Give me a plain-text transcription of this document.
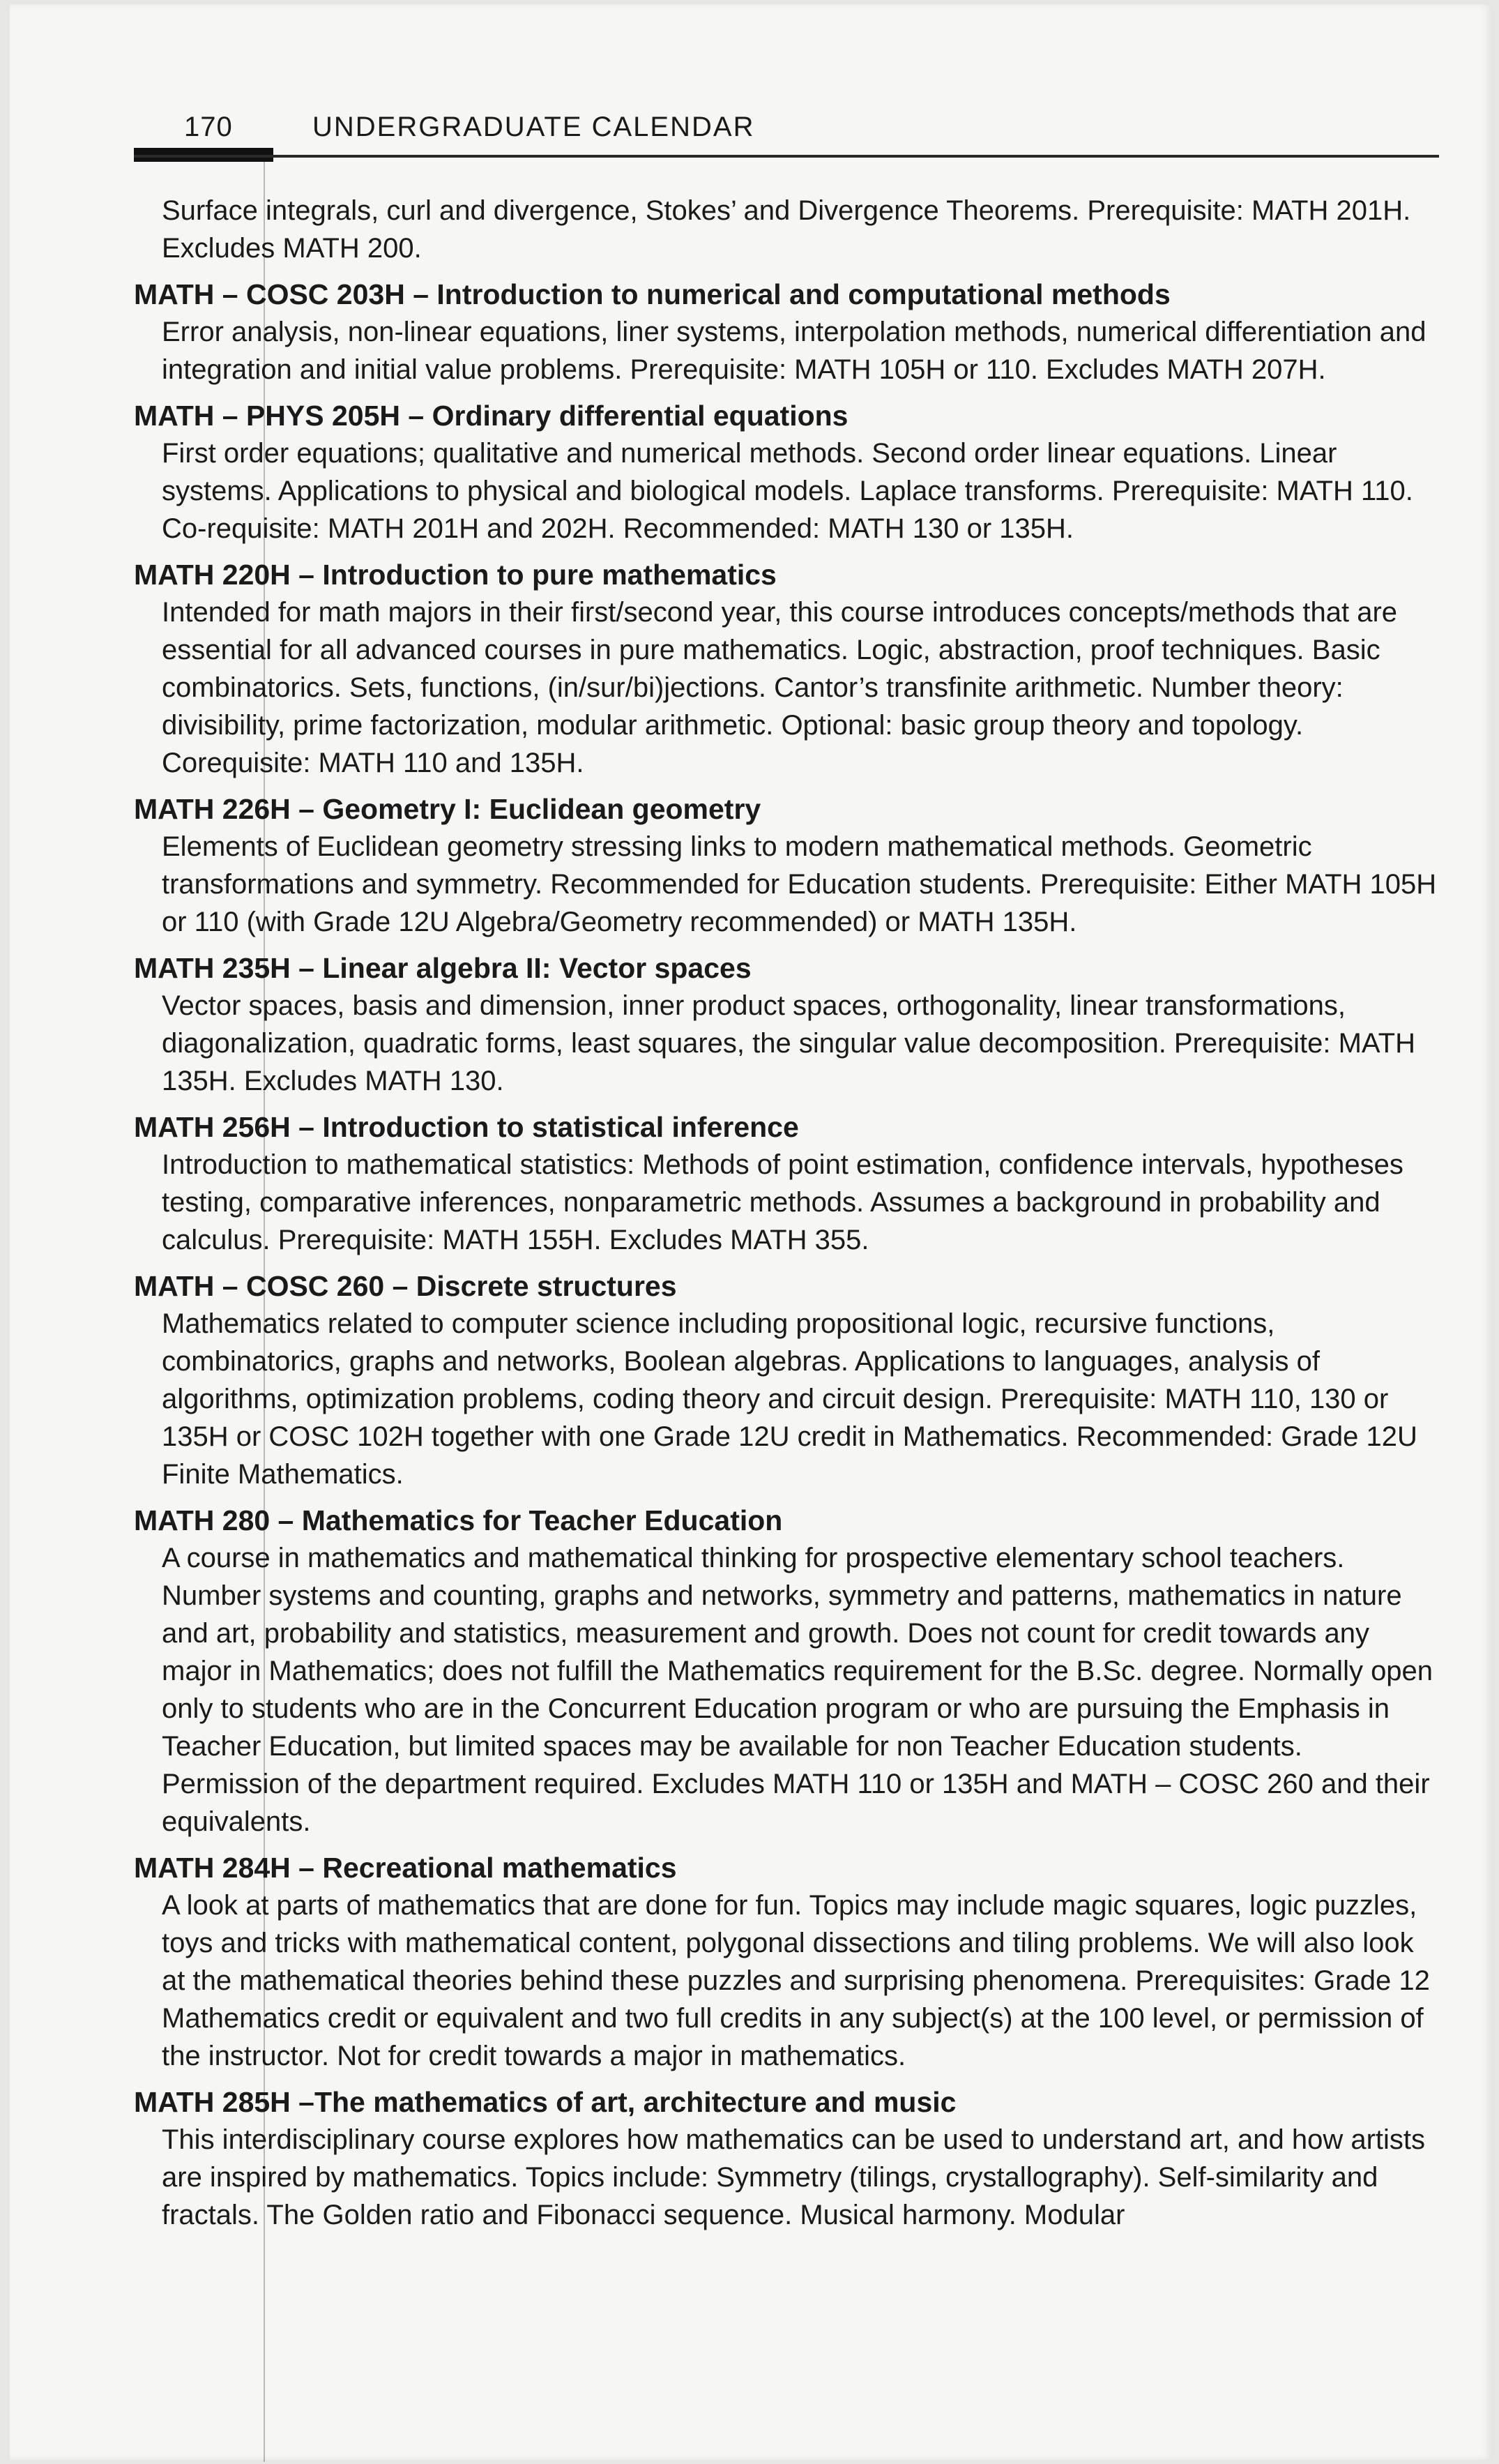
170	UNDERGRADUATE CALENDAR

Surface integrals, curl and divergence, Stokes’ and Divergence Theorems. Prerequisite: MATH 201H. Excludes MATH 200.

MATH – COSC 203H – Introduction to numerical and computational methods

Error analysis, non-linear equations, liner systems, interpolation methods, numerical differentiation and integration and initial value problems. Prerequisite: MATH 105H or 110. Excludes MATH 207H.

MATH – PHYS 205H – Ordinary differential equations

First order equations; qualitative and numerical methods. Second order linear equations. Linear systems. Applications to physical and biological models. Laplace transforms. Prerequisite: MATH 110. Co-requisite: MATH 201H and 202H. Recommended: MATH 130 or 135H.

MATH 220H – Introduction to pure mathematics

Intended for math majors in their first/second year, this course introduces concepts/methods that are essential for all advanced courses in pure mathematics. Logic, abstraction, proof techniques. Basic combinatorics. Sets, functions, (in/sur/bi)jections. Cantor’s transfinite arithmetic. Number theory: divisibility, prime factorization, modular arithmetic. Optional: basic group theory and topology. Corequisite: MATH 110 and 135H.

MATH 226H – Geometry I: Euclidean geometry

Elements of Euclidean geometry stressing links to modern mathematical methods. Geometric transformations and symmetry. Recommended for Education students. Prerequisite: Either MATH 105H or 110 (with Grade 12U Algebra/Geometry recommended) or MATH 135H.

MATH 235H – Linear algebra II: Vector spaces

Vector spaces, basis and dimension, inner product spaces, orthogonality, linear transformations, diagonalization, quadratic forms, least squares, the singular value decomposition. Prerequisite: MATH 135H. Excludes MATH 130.

MATH 256H – Introduction to statistical inference

Introduction to mathematical statistics: Methods of point estimation, confidence intervals, hypotheses testing, comparative inferences, nonparametric methods. Assumes a background in probability and calculus. Prerequisite: MATH 155H. Excludes MATH 355.

MATH – COSC 260 – Discrete structures

Mathematics related to computer science including propositional logic, recursive functions, combinatorics, graphs and networks, Boolean algebras. Applications to languages, analysis of algorithms, optimization problems, coding theory and circuit design. Prerequisite: MATH 110, 130 or 135H or COSC 102H together with one Grade 12U credit in Mathematics. Recommended: Grade 12U Finite Mathematics.

MATH 280 – Mathematics for Teacher Education

A course in mathematics and mathematical thinking for prospective elementary school teachers. Number systems and counting, graphs and networks, symmetry and patterns, mathematics in nature and art, probability and statistics, measurement and growth. Does not count for credit towards any major in Mathematics; does not fulfill the Mathematics requirement for the B.Sc. degree. Normally open only to students who are in the Concurrent Education program or who are pursuing the Emphasis in Teacher Education, but limited spaces may be available for non Teacher Education students. Permission of the department required. Excludes MATH 110 or 135H and MATH – COSC 260 and their equivalents.

MATH 284H – Recreational mathematics

A look at parts of mathematics that are done for fun. Topics may include magic squares, logic puzzles, toys and tricks with mathematical content, polygonal dissections and tiling problems. We will also look at the mathematical theories behind these puzzles and surprising phenomena. Prerequisites: Grade 12 Mathematics credit or equivalent and two full credits in any subject(s) at the 100 level, or permission of the instructor. Not for credit towards a major in mathematics.

MATH 285H –The mathematics of art, architecture and music

This interdisciplinary course explores how mathematics can be used to understand art, and how artists are inspired by mathematics. Topics include: Symmetry (tilings, crystallography). Self-similarity and fractals. The Golden ratio and Fibonacci sequence. Musical harmony. Modular
